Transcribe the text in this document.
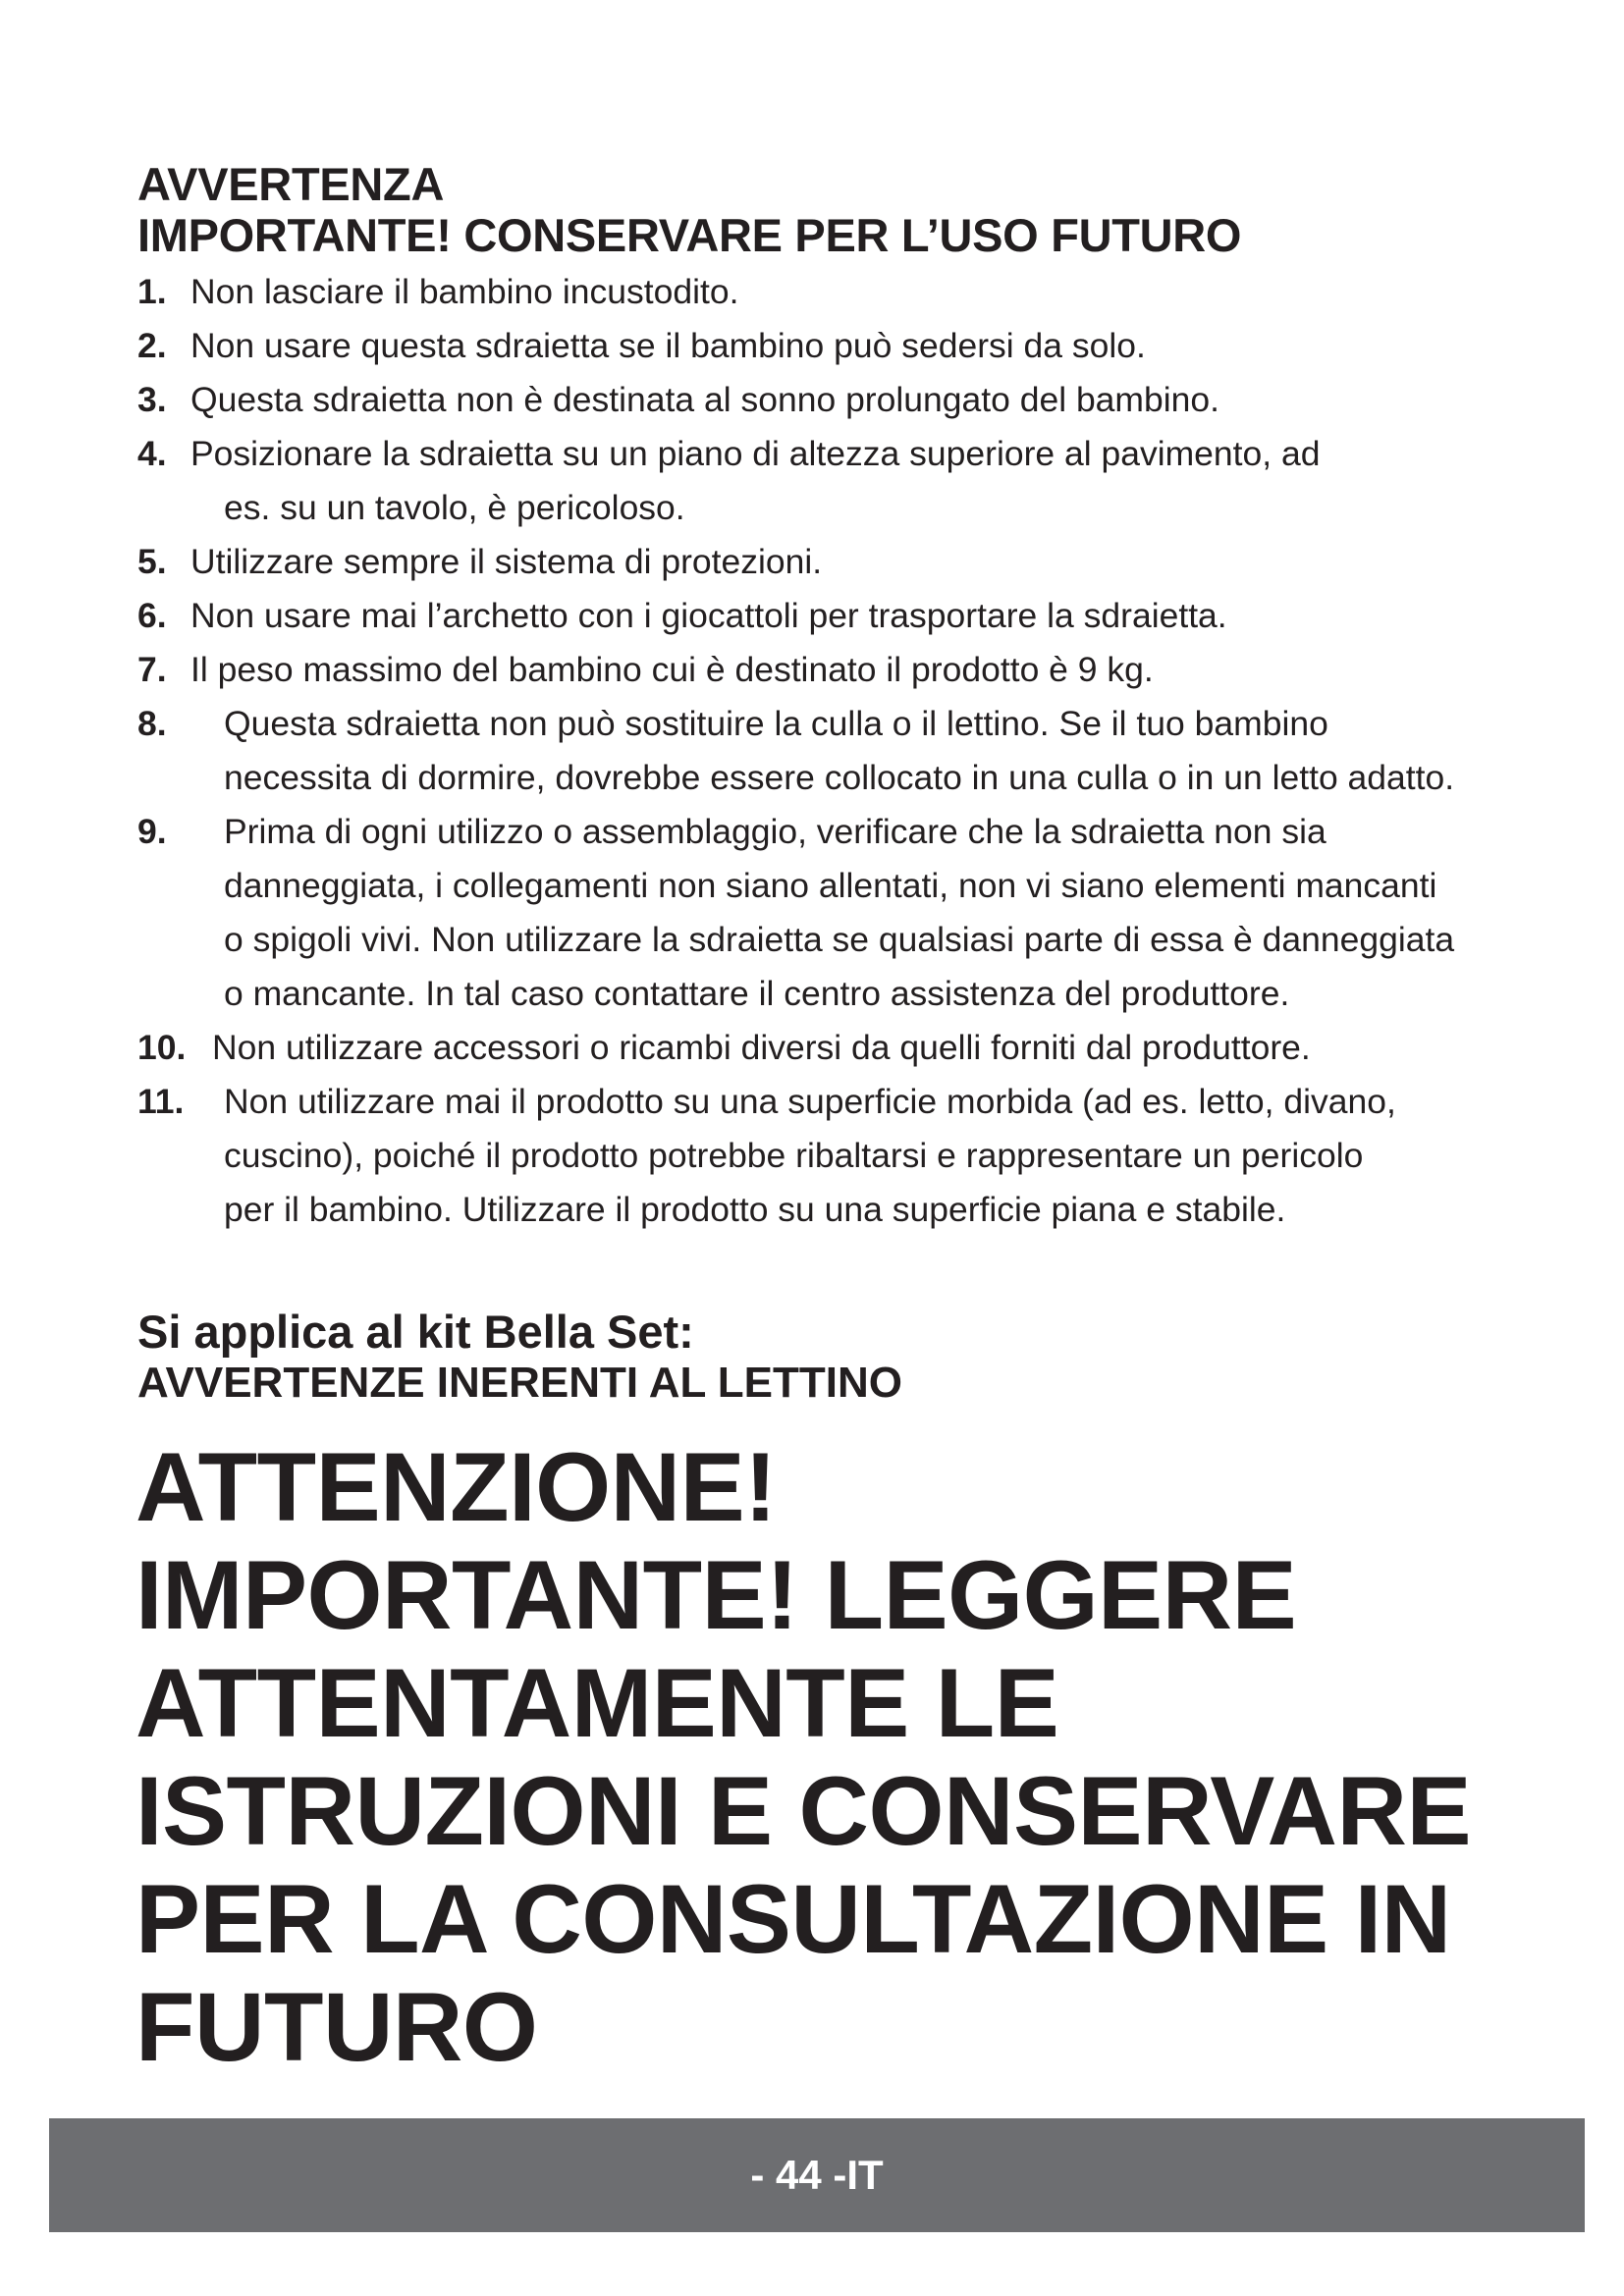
AVVERTENZA

IMPORTANTE! CONSERVARE PER L’USO FUTURO

1. Non lasciare il bambino incustodito.
2. Non usare questa sdraietta se il bambino può sedersi da solo.
3. Questa sdraietta non è destinata al sonno prolungato del bambino.
4. Posizionare la sdraietta su un piano di altezza superiore al pavimento, ad
es. su un tavolo, è pericoloso.
5. Utilizzare sempre il sistema di protezioni.
6. Non usare mai l’archetto con i giocattoli per trasportare la sdraietta.
7. Il peso massimo del bambino cui è destinato il prodotto è 9 kg.
8.	Questa sdraietta non può sostituire la culla o il lettino. Se il tuo bambino
necessita di dormire, dovrebbe essere collocato in una culla o in un letto adatto.
9.	Prima di ogni utilizzo o assemblaggio, verificare che la sdraietta non sia
danneggiata, i collegamenti non siano allentati, non vi siano elementi mancanti
o spigoli vivi. Non utilizzare la sdraietta se qualsiasi parte di essa è danneggiata
o mancante. In tal caso contattare il centro assistenza del produttore.
10. Non utilizzare accessori o ricambi diversi da quelli forniti dal produttore.
11.	Non utilizzare mai il prodotto su una superficie morbida (ad es. letto, divano,
cuscino), poiché il prodotto potrebbe ribaltarsi e rappresentare un pericolo
per il bambino. Utilizzare il prodotto su una superficie piana e stabile.

Si applica al kit Bella Set:

AVVERTENZE INERENTI AL LETTINO

ATTENZIONE!
IMPORTANTE! LEGGERE
ATTENTAMENTE LE
ISTRUZIONI E CONSERVARE
PER LA CONSULTAZIONE IN
FUTURO
- 44 -IT
